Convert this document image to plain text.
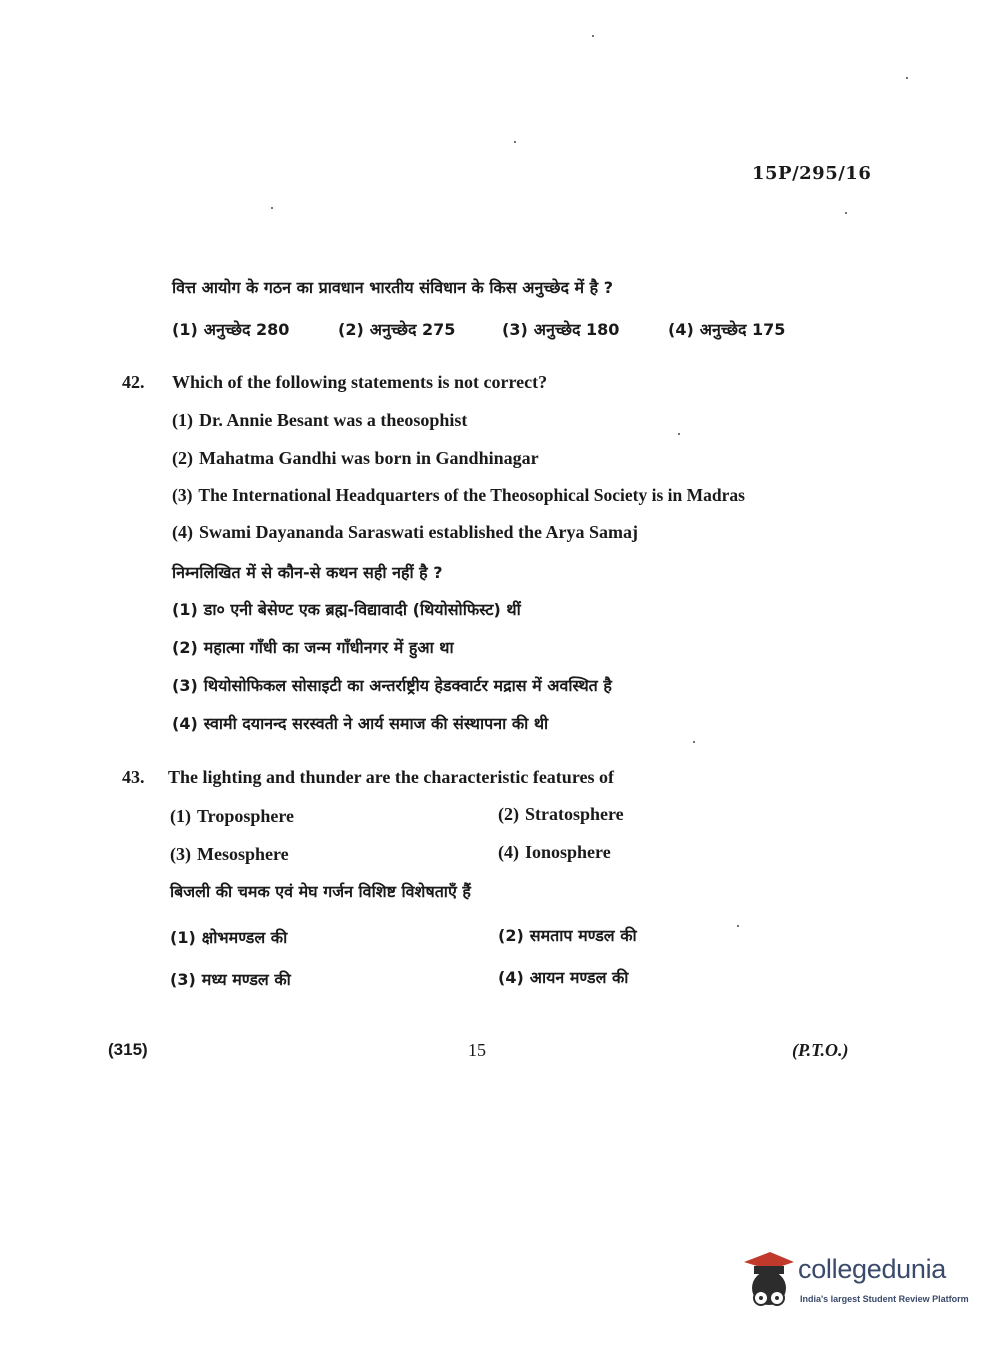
15P/295/16
वित्त आयोग के गठन का प्रावधान भारतीय संविधान के किस अनुच्छेद में है ?
(1) अनुच्छेद 280	(2) अनुच्छेद 275	(3) अनुच्छेद 180	(4) अनुच्छेद 175
42. Which of the following statements is not correct?
(1) Dr. Annie Besant was a theosophist
(2) Mahatma Gandhi was born in Gandhinagar
(3) The International Headquarters of the Theosophical Society is in Madras
(4) Swami Dayananda Saraswati established the Arya Samaj
निम्नलिखित में से कौन-से कथन सही नहीं है ?
(1) डा० एनी बेसेण्ट एक ब्रह्म-विद्यावादी (थियोसोफिस्ट) थीं
(2) महात्मा गाँधी का जन्म गाँधीनगर में हुआ था
(3) थियोसोफिकल सोसाइटी का अन्तर्राष्ट्रीय हेडक्वार्टर मद्रास में अवस्थित है
(4) स्वामी दयानन्द सरस्वती ने आर्य समाज की संस्थापना की थी
43. The lighting and thunder are the characteristic features of
(1) Troposphere	(2) Stratosphere
(3) Mesosphere	(4) Ionosphere
बिजली की चमक एवं मेघ गर्जन विशिष्ट विशेषताएँ हैं
(1) क्षोभमण्डल की	(2) समताप मण्डल की
(3) मध्य मण्डल की	(4) आयन मण्डल की
(315)	15	(P.T.O.)
collegedunia
India's largest Student Review Platform
